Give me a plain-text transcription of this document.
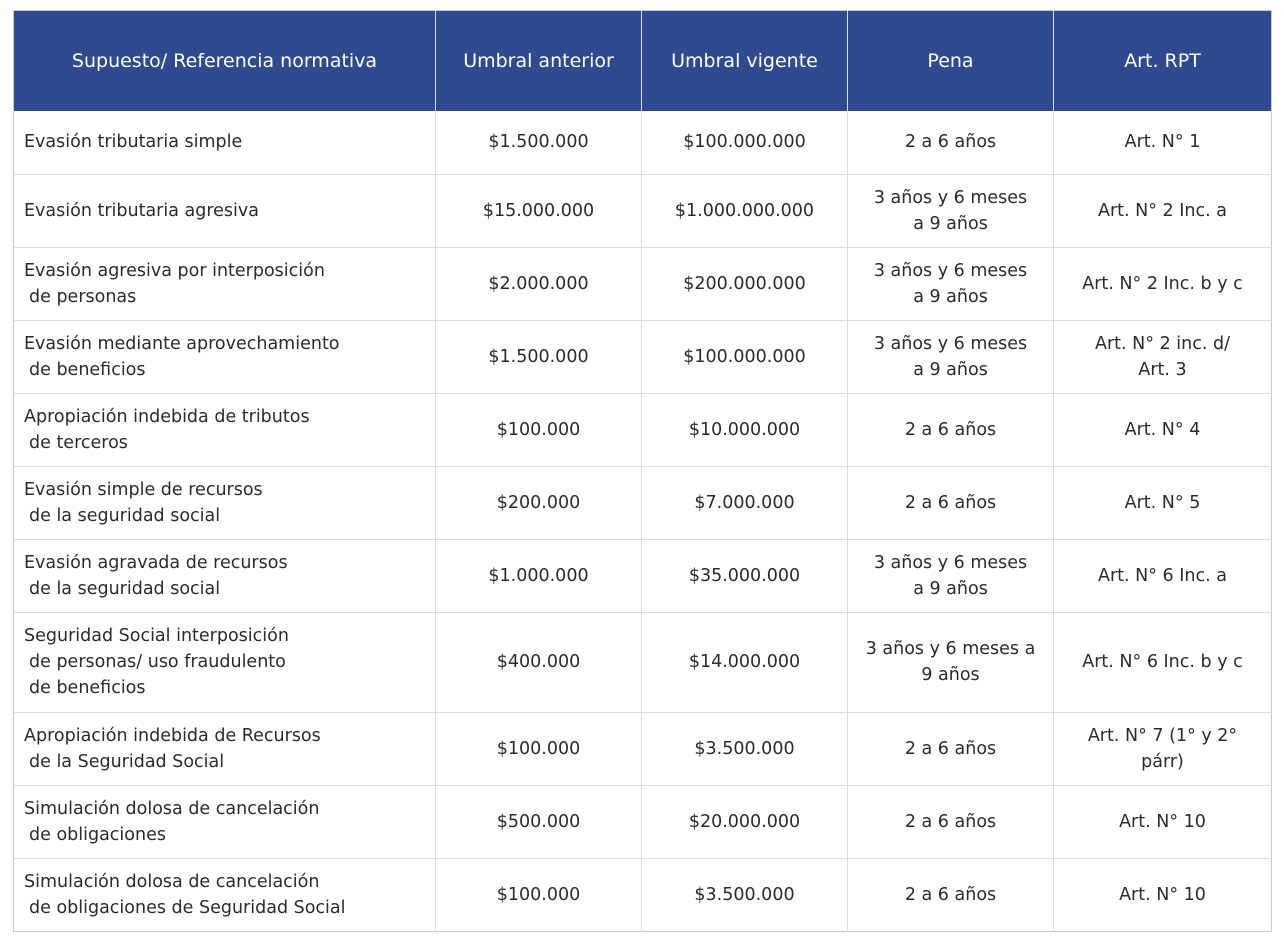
Supuesto/ Referencia normativa	Umbral anterior	Umbral vigente	Pena	Art. RPT

Evasión tributaria simple	$1.500.000	$100.000.000	2 a 6 años	Art. N° 1

Evasión tributaria agresiva	$15.000.000	$1.000.000.000	3 años y 6 meses
a 9 años	Art. N° 2 Inc. a

Evasión agresiva por interposición
de personas	$2.000.000	$200.000.000	3 años y 6 meses
a 9 años	Art. N° 2 Inc. b y c

Evasión mediante aprovechamiento
de beneficios	$1.500.000	$100.000.000	3 años y 6 meses
a 9 años	Art. N° 2 inc. d/
Art. 3

Apropiación indebida de tributos
de terceros	$100.000	$10.000.000	2 a 6 años	Art. N° 4

Evasión simple de recursos
de la seguridad social	$200.000	$7.000.000	2 a 6 años	Art. N° 5

Evasión agravada de recursos
de la seguridad social	$1.000.000	$35.000.000	3 años y 6 meses
a 9 años	Art. N° 6 Inc. a

Seguridad Social interposición
de personas/ uso fraudulento
de beneficios	$400.000	$14.000.000	3 años y 6 meses a
9 años	Art. N° 6 Inc. b y c

Apropiación indebida de Recursos
de la Seguridad Social	$100.000	$3.500.000	2 a 6 años	Art. N° 7 (1° y 2°
párr)

Simulación dolosa de cancelación
de obligaciones	$500.000	$20.000.000	2 a 6 años	Art. N° 10

Simulación dolosa de cancelación
de obligaciones de Seguridad Social	$100.000	$3.500.000	2 a 6 años	Art. N° 10
